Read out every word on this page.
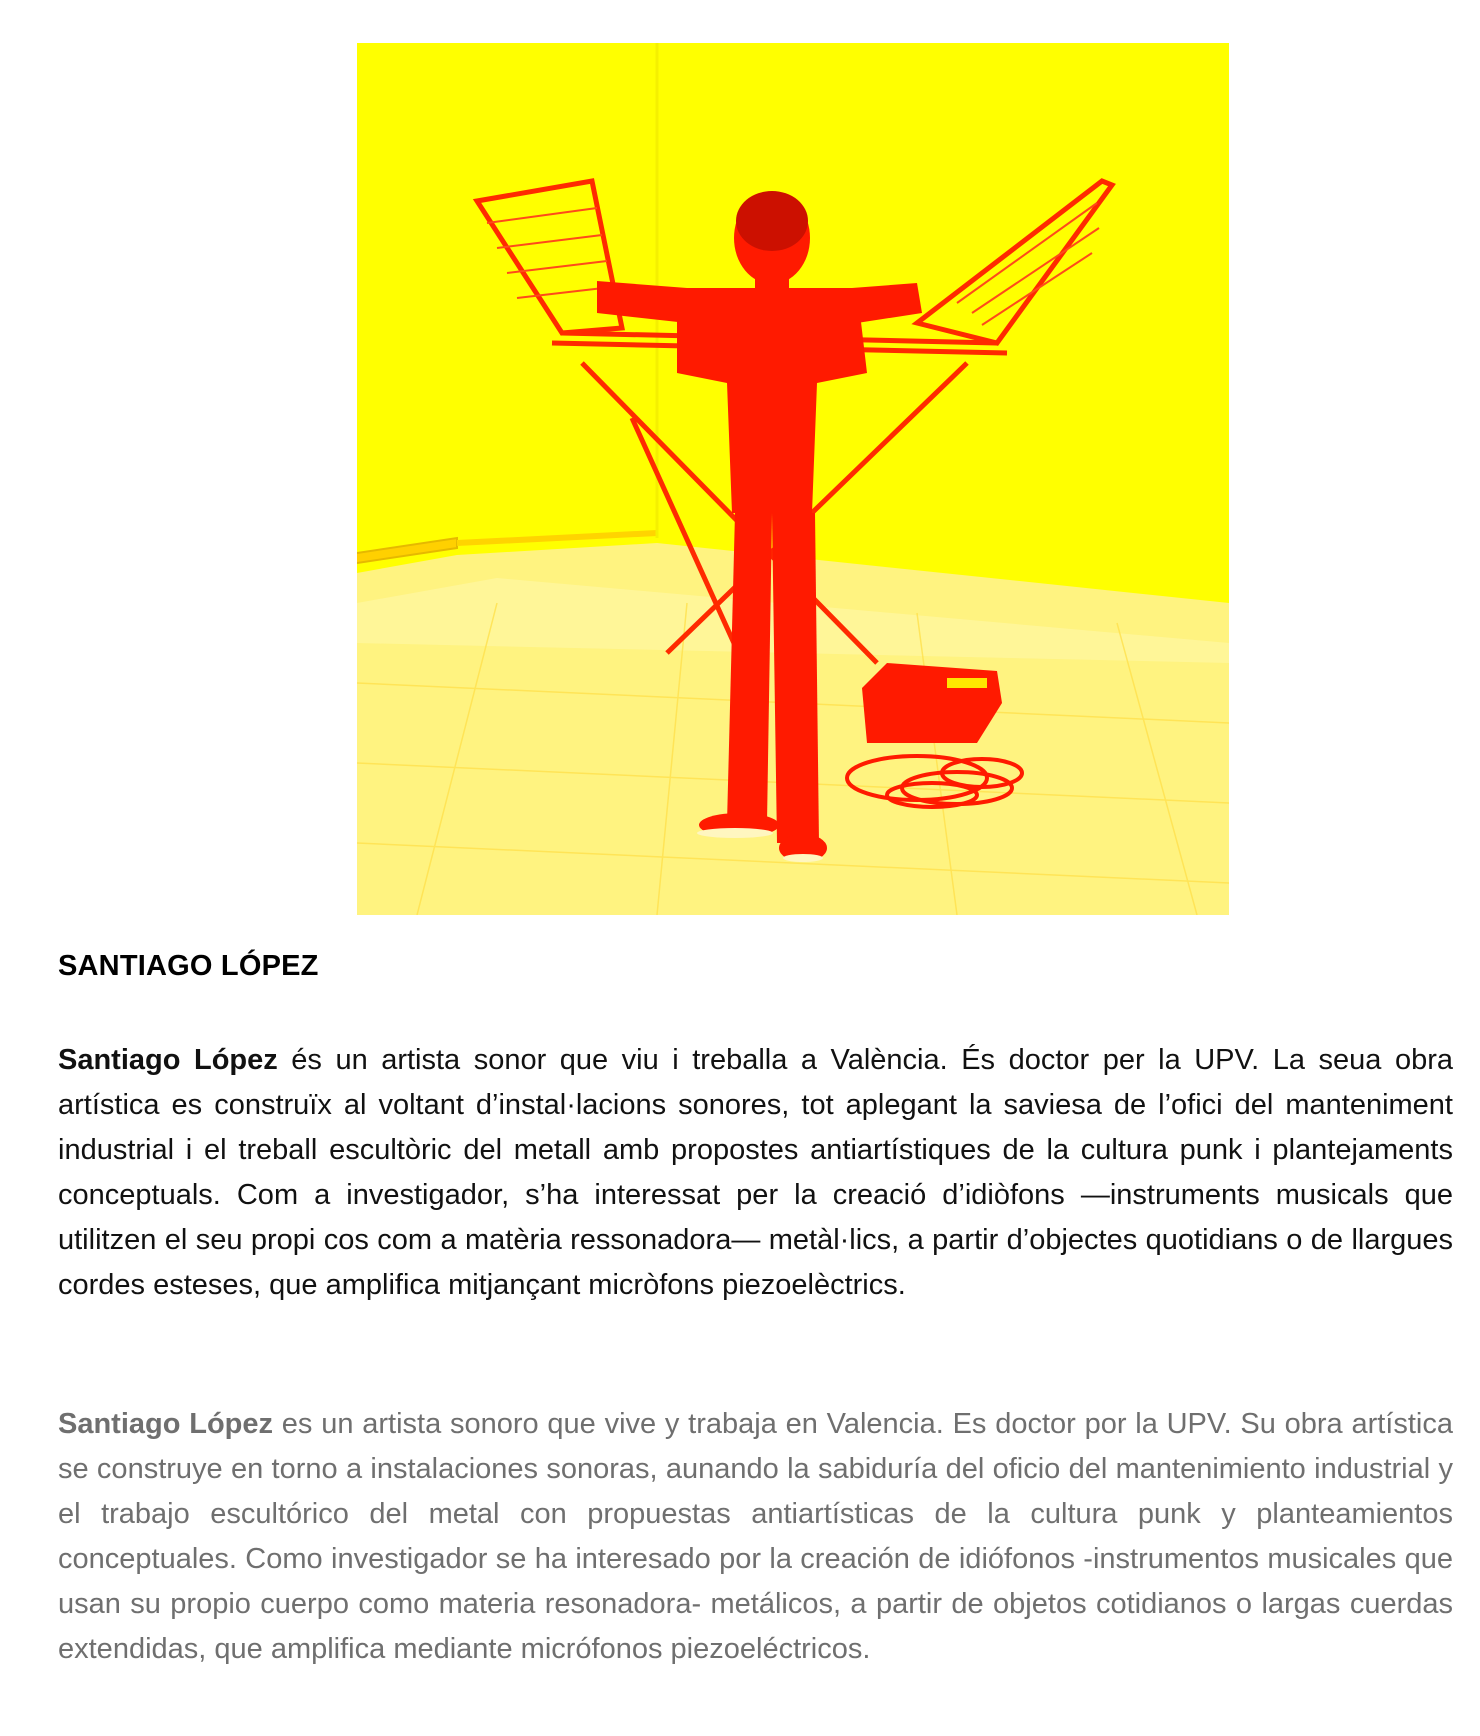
SANTIAGO LÓPEZ

Santiago López és un artista sonor que viu i treballa a València. És doctor per la UPV. La seua obra artística es construïx al voltant d’instal·lacions sonores, tot aplegant la saviesa de l’ofici del manteniment industrial i el treball escultòric del metall amb propostes antiartístiques de la cultura punk i plantejaments conceptuals. Com a investigador, s’ha interessat per la creació d’idiòfons —instruments musicals que utilitzen el seu propi cos com a matèria ressonadora— metàl·lics, a partir d’objectes quotidians o de llargues cordes esteses, que amplifica mitjançant micròfons piezoelèctrics.

Santiago López es un artista sonoro que vive y trabaja en Valencia. Es doctor por la UPV. Su obra artística se construye en torno a instalaciones sonoras, aunando la sabiduría del oficio del mantenimiento industrial y el trabajo escultórico del metal con propuestas antiartísticas de la cultura punk y planteamientos conceptuales. Como investigador se ha interesado por la creación de idiófonos -instrumentos musicales que usan su propio cuerpo como materia resonadora- metálicos, a partir de objetos cotidianos o largas cuerdas extendidas, que amplifica mediante micrófonos piezoeléctricos.
